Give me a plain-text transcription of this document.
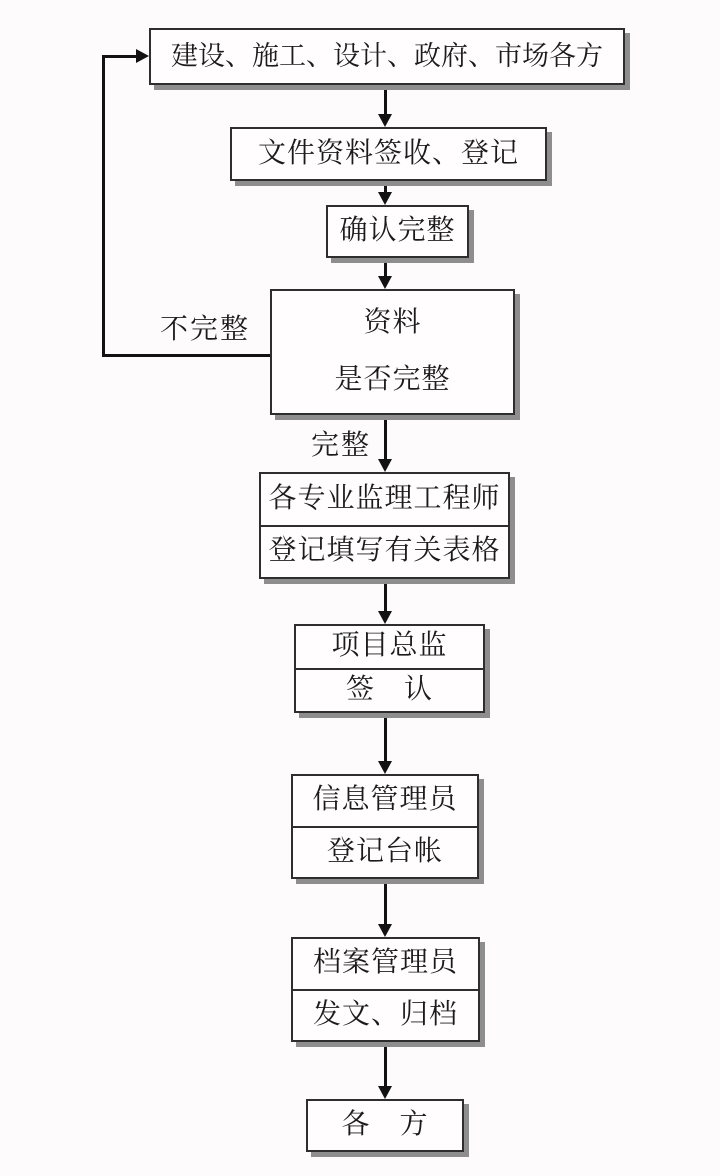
不完整
完整
建设、施工、设计、政府、市场各方
文件资料签收、登记
确认完整
资料
是否完整
各专业监理工程师
登记填写有关表格
项目总监
签　认
信息管理员
登记台帐
档案管理员
发文、归档
各　方
